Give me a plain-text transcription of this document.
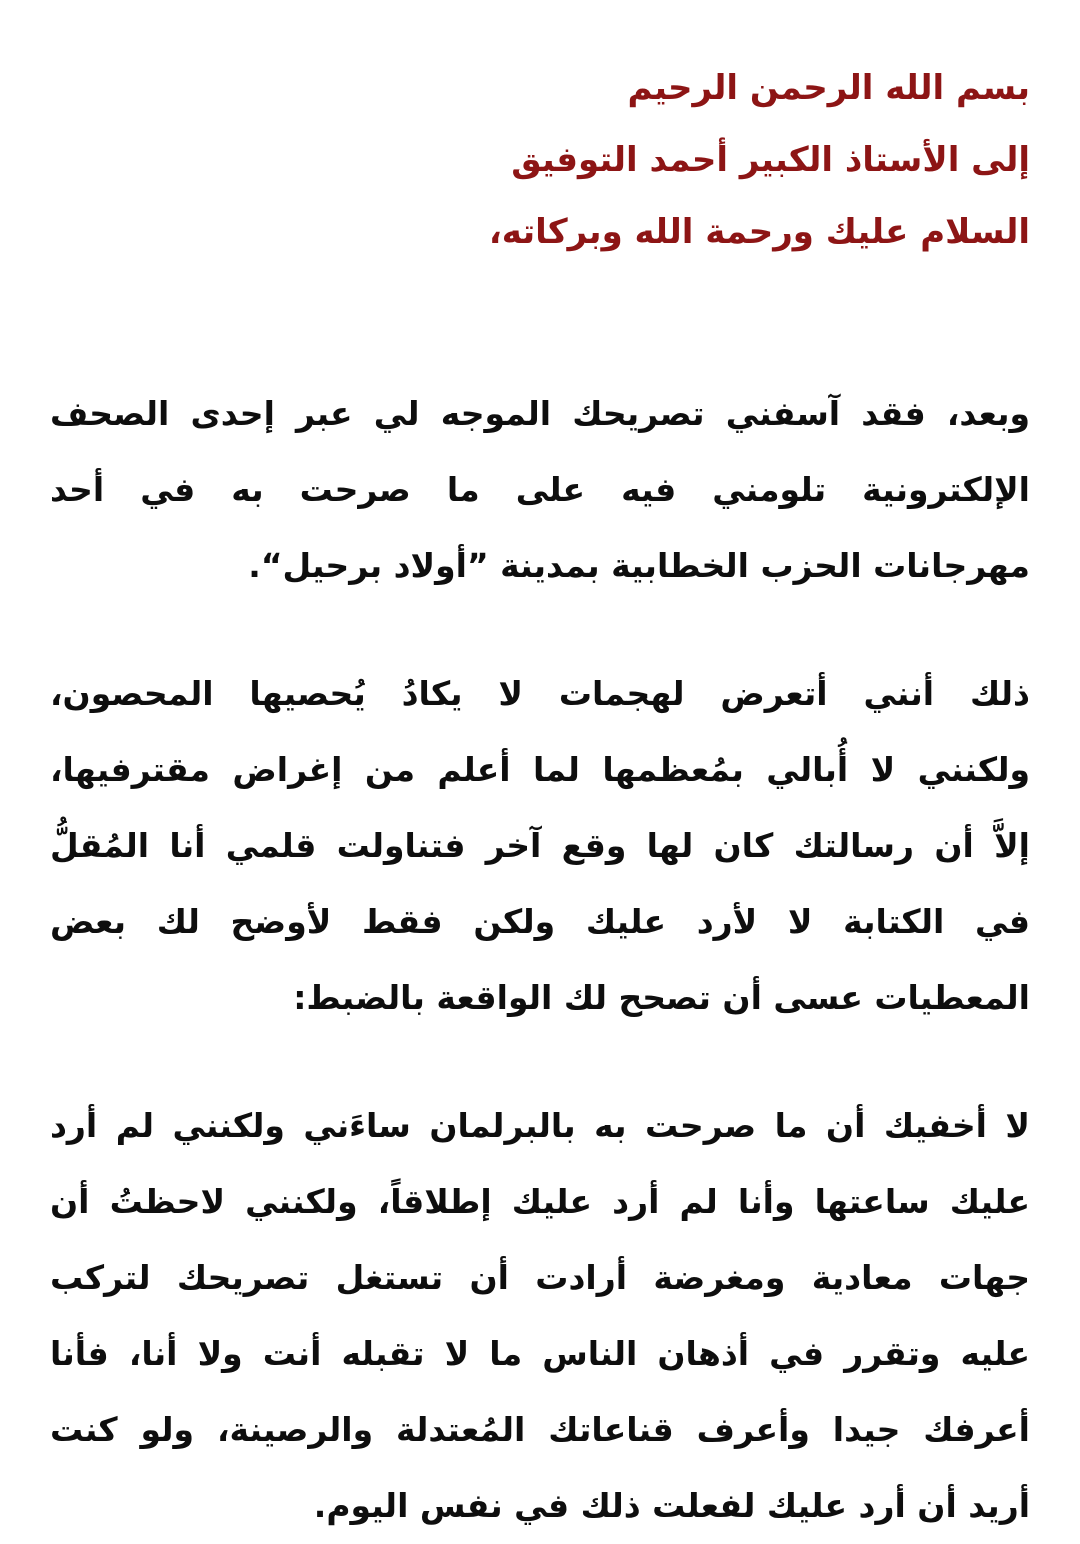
بسم الله الرحمن الرحيم
إلى الأستاذ الكبير أحمد التوفيق
السلام عليك ورحمة الله وبركاته،
وبعد، فقد آسفني تصريحك الموجه لي عبر إحدى الصحف
الإلكترونية تلومني فيه على ما صرحت به في أحد
مهرجانات الحزب الخطابية بمدينة ”أولاد برحيل“.
ذلك أنني أتعرض لهجمات لا يكادُ يُحصيها المحصون،
ولكنني لا أُبالي بمُعظمها لما أعلم من إغراض مقترفيها،
إلاَّ أن رسالتك كان لها وقع آخر فتناولت قلمي أنا المُقلُّ
في الكتابة لا لأرد عليك ولكن فقط لأوضح لك بعض
المعطيات عسى أن تصحح لك الواقعة بالضبط:
لا أخفيك أن ما صرحت به بالبرلمان ساءَني ولكنني لم أرد
عليك ساعتها وأنا لم أرد عليك إطلاقاً، ولكنني لاحظتُ أن
جهات معادية ومغرضة أرادت أن تستغل تصريحك لتركب
عليه وتقرر في أذهان الناس ما لا تقبله أنت ولا أنا، فأنا
أعرفك جيدا وأعرف قناعاتك المُعتدلة والرصينة، ولو كنت
أريد أن أرد عليك لفعلت ذلك في نفس اليوم.
